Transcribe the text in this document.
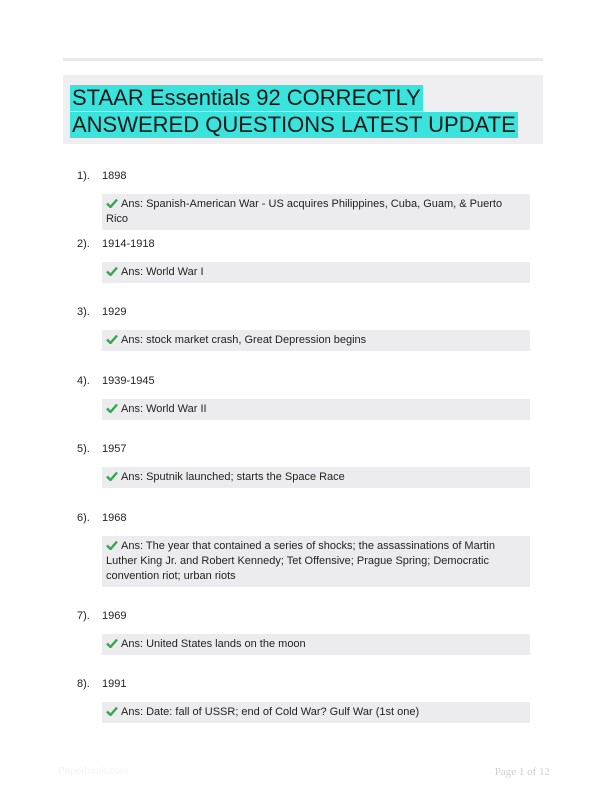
STAAR Essentials 92 CORRECTLY ANSWERED QUESTIONS LATEST UPDATE
1). 1898
Ans: Spanish-American War - US acquires Philippines, Cuba, Guam, & Puerto Rico
2). 1914-1918
Ans: World War I
3). 1929
Ans: stock market crash, Great Depression begins
4). 1939-1945
Ans: World War II
5). 1957
Ans: Sputnik launched; starts the Space Race
6). 1968
Ans: The year that contained a series of shocks; the assassinations of Martin Luther King Jr. and Robert Kennedy; Tet Offensive; Prague Spring; Democratic convention riot; urban riots
7). 1969
Ans: United States lands on the moon
8). 1991
Ans: Date: fall of USSR; end of Cold War? Gulf War (1st one)
Paperbank.com	Page 1 of 12
